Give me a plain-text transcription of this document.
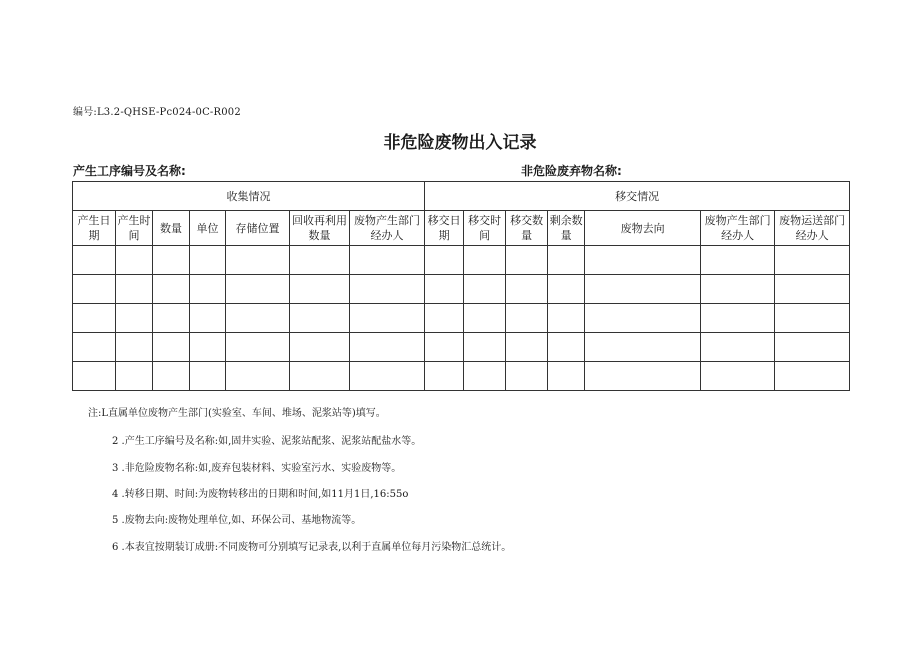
编号:L3.2-QHSE-Pc024-0C-R002
非危险废物出入记录
产生工序编号及名称:	非危险废弃物名称:
收集情况							移交情况						
产生日期	产生时间	数量	单位	存储位置	回收再利用数量	废物产生部门经办人	移交日期	移交时间	移交数量	剩余数量	废物去向	废物产生部门经办人	废物运送部门经办人

注:L直属单位废物产生部门(实验室、车间、堆场、泥浆站等)填写。
2 .产生工序编号及名称:如,固井实验、泥浆站配浆、泥浆站配盐水等。
3 .非危险废物名称:如,废弃包装材料、实验室污水、实验废物等。
4 .转移日期、时间:为废物转移出的日期和时间,如11月1日,16:55o
5 .废物去向:废物处理单位,如、环保公司、基地物流等。
6 .本表宜按期装订成册:不同废物可分别填写记录表,以利于直属单位每月污染物汇总统计。
